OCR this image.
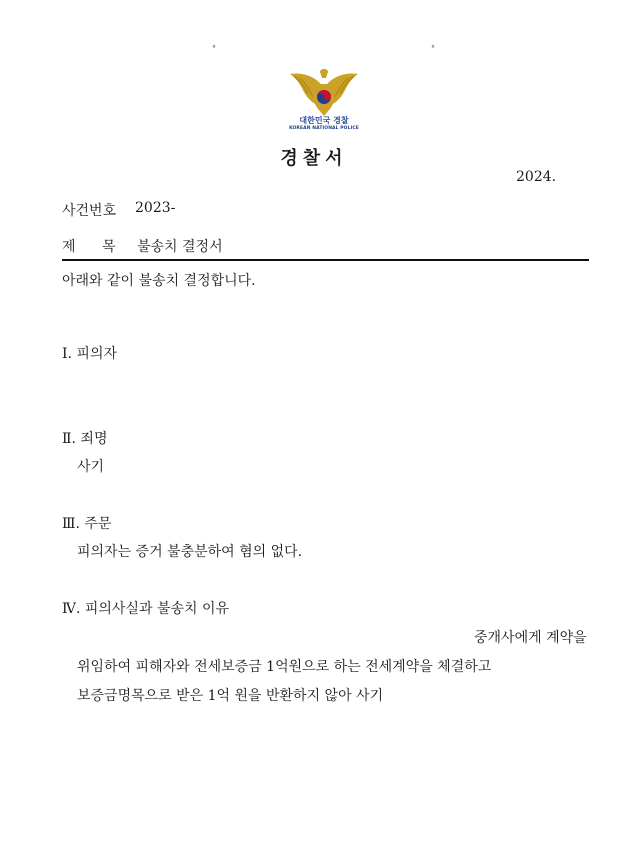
°	°
대한민국 경찰
KOREAN NATIONAL POLICE
경찰서
2024.
사건번호 2023-
제 목 불송치 결정서
아래와 같이 불송치 결정합니다.
Ⅰ. 피의자
Ⅱ. 죄명
사기
Ⅲ. 주문
피의자는 증거 불충분하여 혐의 없다.
Ⅳ. 피의사실과 불송치 이유
중개사에게 계약을
위임하여 피해자와 전세보증금 1억원으로 하는 전세계약을 체결하고
보증금명목으로 받은 1억 원을 반환하지 않아 사기
